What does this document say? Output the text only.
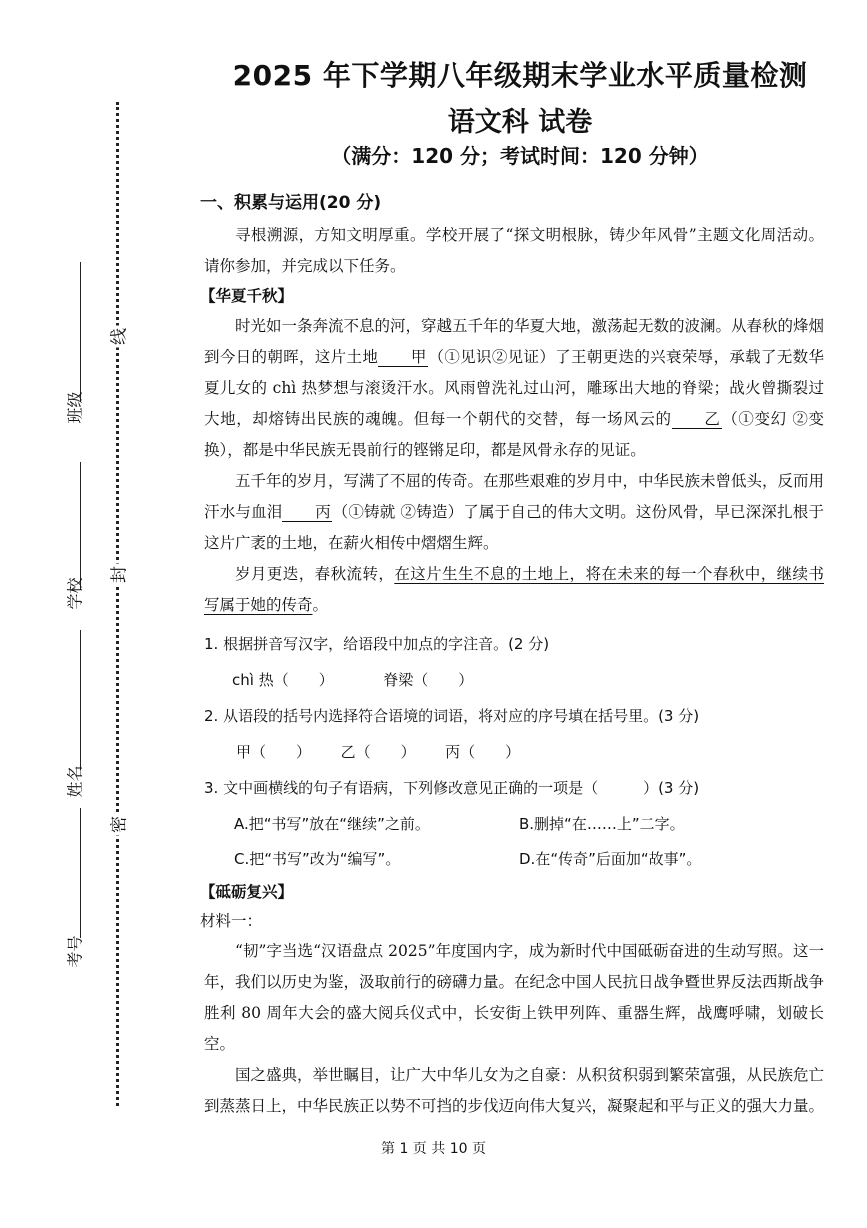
线
封
密
班级
学校
姓名
考号
2025 年下学期八年级期末学业水平质量检测
语文科 试卷
（满分：120 分；考试时间：120 分钟）
一、积累与运用(20 分)

寻根溯源，方知文明厚重。学校开展了“探文明根脉，铸少年风骨”主题文化周活动。请你参加，并完成以下任务。

【华夏千秋】

时光如一条奔流不息的河，穿越五千年的华夏大地，激荡起无数的波澜。从春秋的烽烟到今日的朝晖，这片土地 甲 （①见识②见证）了王朝更迭的兴衰荣辱，承载了无数华夏儿女的 chì 热梦想与滚烫汗水。风雨曾洗礼过山河，雕琢出大地的脊梁；战火曾撕裂过大地，却熔铸出民族的魂魄。但每一个朝代的交替，每一场风云的 乙 （①变幻 ②变换），都是中华民族无畏前行的铿锵足印，都是风骨永存的见证。

五千年的岁月，写满了不屈的传奇。在那些艰难的岁月中，中华民族未曾低头，反而用汗水与血泪 丙 （①铸就 ②铸造）了属于自己的伟大文明。这份风骨，早已深深扎根于这片广袤的土地，在薪火相传中熠熠生辉。

岁月更迭，春秋流转，在这片生生不息的土地上，将在未来的每一个春秋中，继续书写属于她的传奇。

1. 根据拼音写汉字，给语段中加点的字注音。(2 分)
chì 热（　　）	脊梁（　　）
2. 从语段的括号内选择符合语境的词语，将对应的序号填在括号里。(3 分)
甲（　　） 乙（　　） 丙（　　）
3. 文中画横线的句子有语病，下列修改意见正确的一项是（　　　）(3 分)
A.把“书写”放在“继续”之前。	B.删掉“在……上”二字。
C.把“书写”改为“编写”。	D.在“传奇”后面加“故事”。
【砥砺复兴】
材料一：

“韧”字当选“汉语盘点 2025”年度国内字，成为新时代中国砥砺奋进的生动写照。这一年，我们以历史为鉴，汲取前行的磅礴力量。在纪念中国人民抗日战争暨世界反法西斯战争胜利 80 周年大会的盛大阅兵仪式中，长安街上铁甲列阵、重器生辉，战鹰呼啸，划破长空。

国之盛典，举世瞩目，让广大中华儿女为之自豪：从积贫积弱到繁荣富强，从民族危亡到蒸蒸日上，中华民族正以势不可挡的步伐迈向伟大复兴，凝聚起和平与正义的强大力量。

第 1 页 共 10 页
